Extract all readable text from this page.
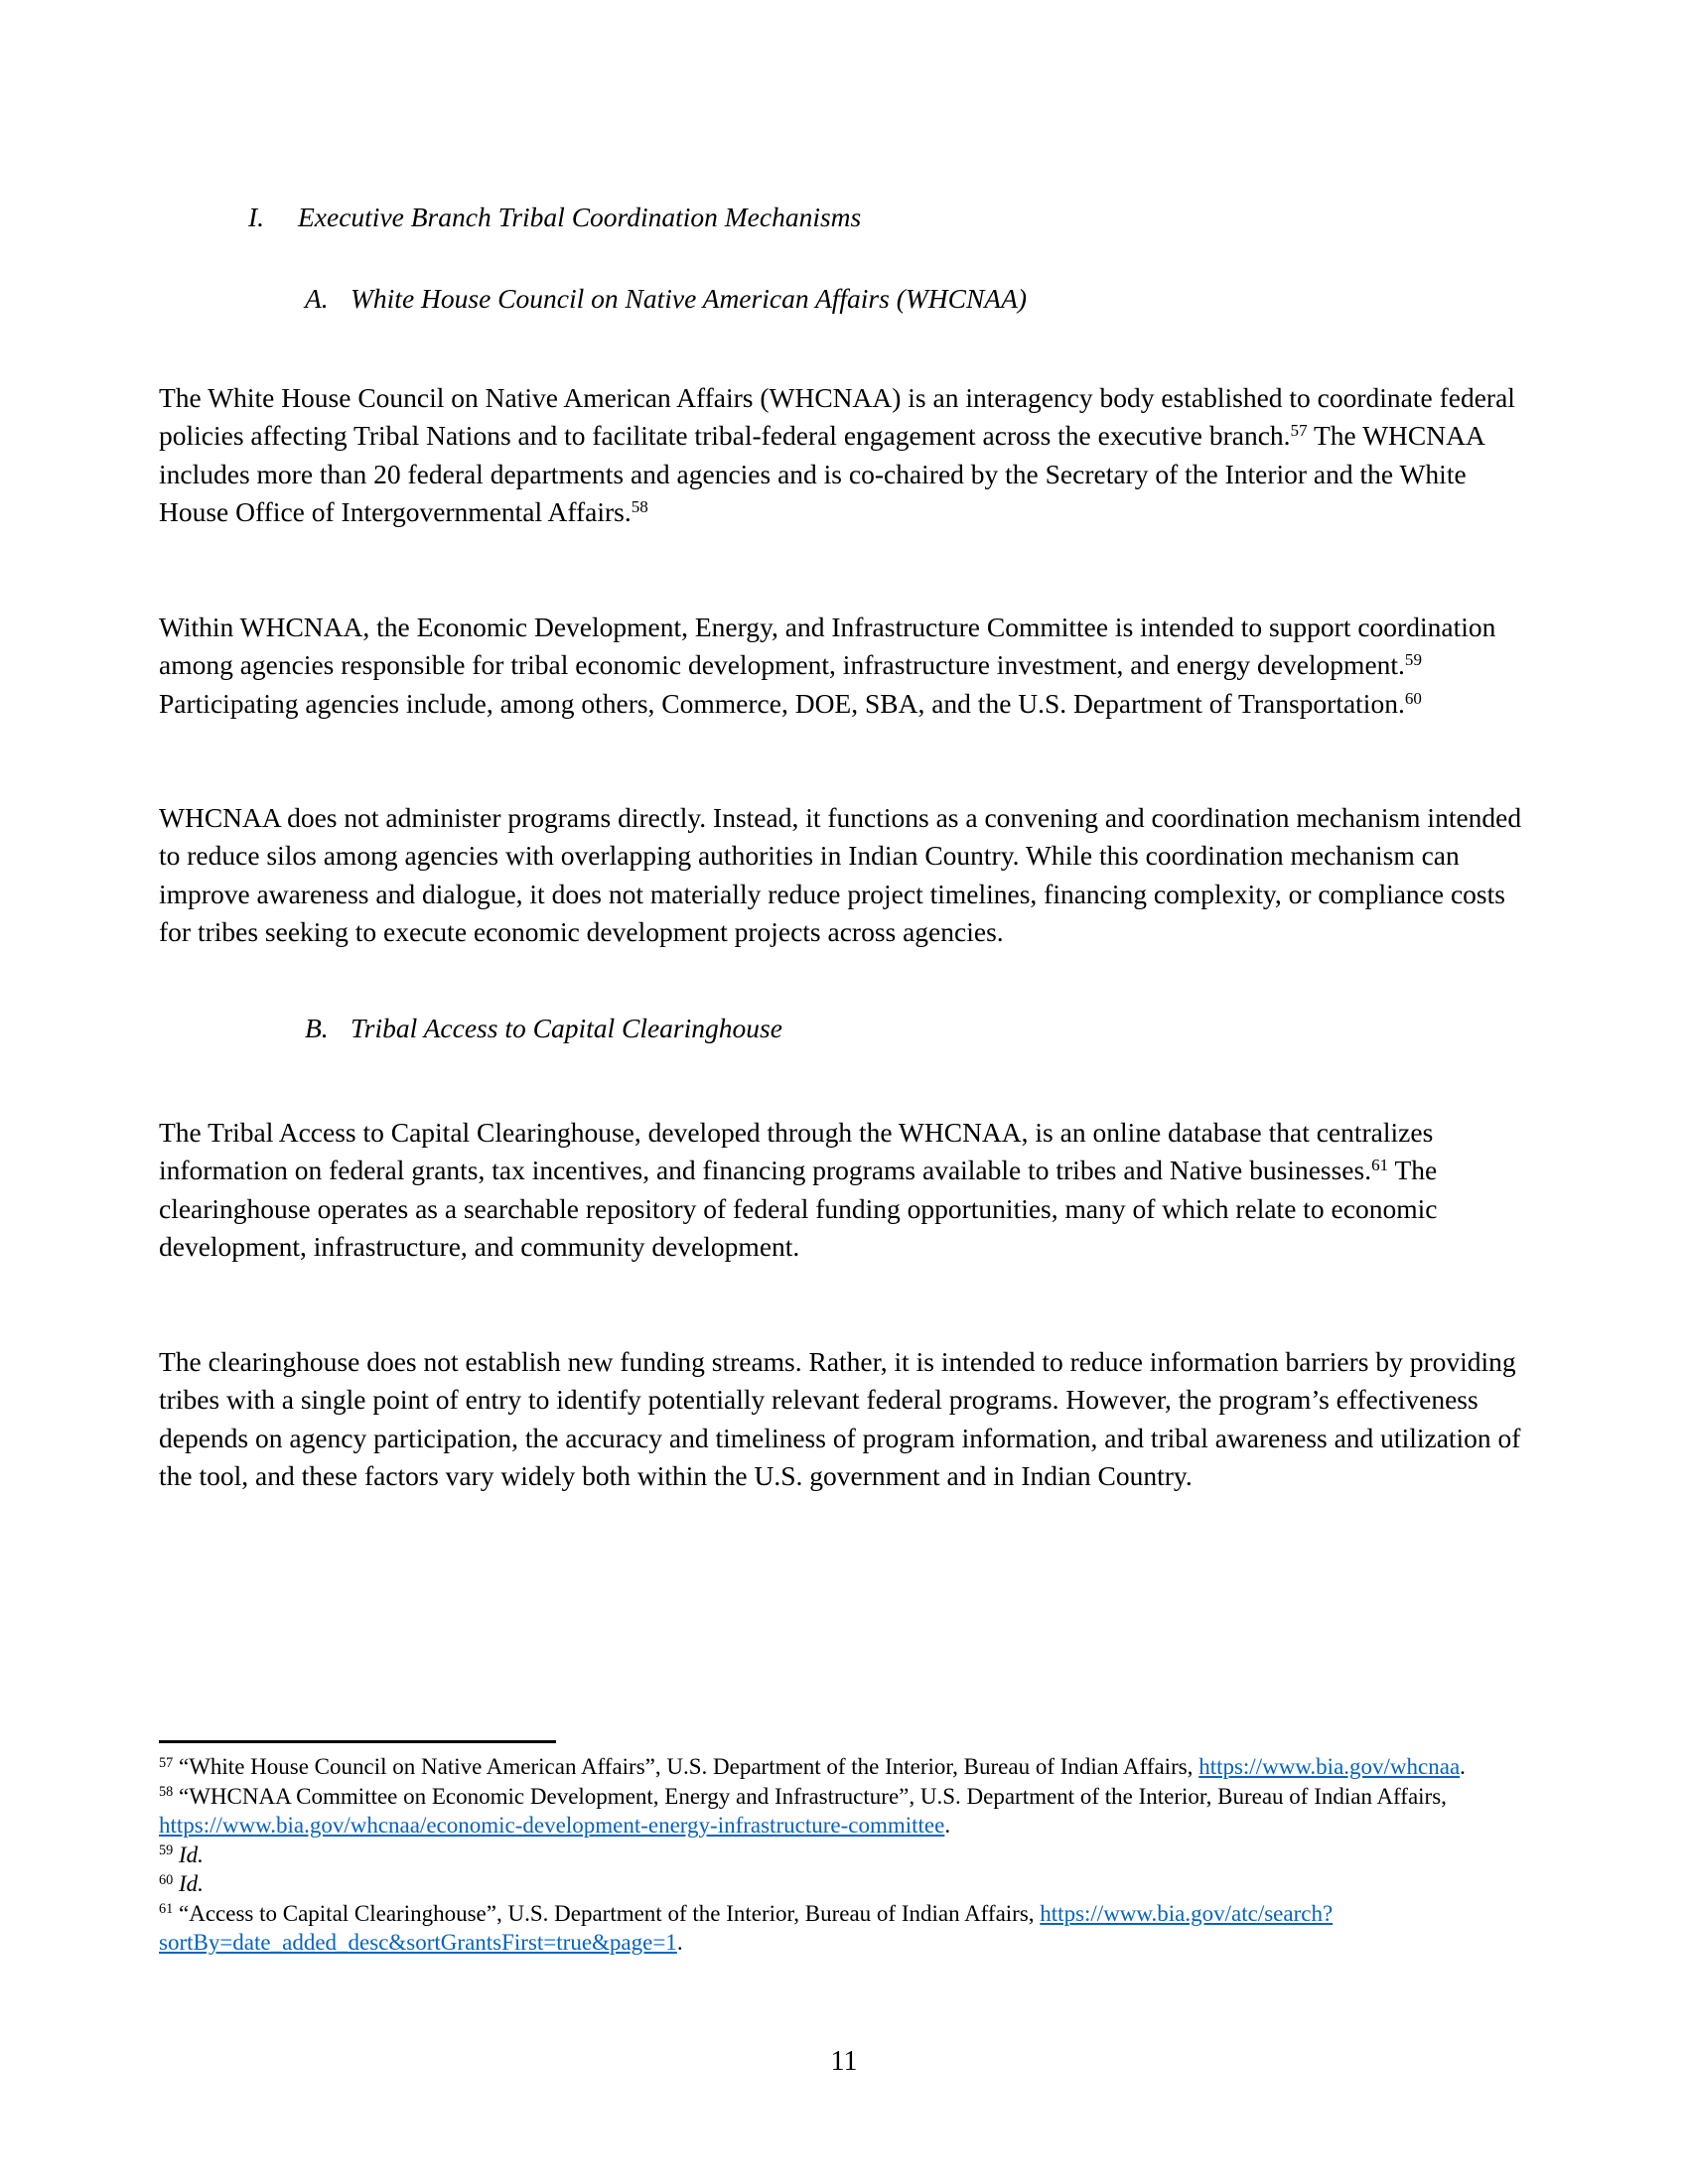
I. Executive Branch Tribal Coordination Mechanisms
A. White House Council on Native American Affairs (WHCNAA)

The White House Council on Native American Affairs (WHCNAA) is an interagency body established to coordinate federal policies affecting Tribal Nations and to facilitate tribal-federal engagement across the executive branch.$^{57}$ The WHCNAA includes more than 20 federal departments and agencies and is co-chaired by the Secretary of the Interior and the White House Office of Intergovernmental Affairs.$^{58}$

Within WHCNAA, the Economic Development, Energy, and Infrastructure Committee is intended to support coordination among agencies responsible for tribal economic development, infrastructure investment, and energy development.$^{59}$ Participating agencies include, among others, Commerce, DOE, SBA, and the U.S. Department of Transportation.$^{60}$

WHCNAA does not administer programs directly. Instead, it functions as a convening and coordination mechanism intended to reduce silos among agencies with overlapping authorities in Indian Country. While this coordination mechanism can improve awareness and dialogue, it does not materially reduce project timelines, financing complexity, or compliance costs for tribes seeking to execute economic development projects across agencies.

B. Tribal Access to Capital Clearinghouse

The Tribal Access to Capital Clearinghouse, developed through the WHCNAA, is an online database that centralizes information on federal grants, tax incentives, and financing programs available to tribes and Native businesses.$^{61}$ The clearinghouse operates as a searchable repository of federal funding opportunities, many of which relate to economic development, infrastructure, and community development.

The clearinghouse does not establish new funding streams. Rather, it is intended to reduce information barriers by providing tribes with a single point of entry to identify potentially relevant federal programs. However, the program’s effectiveness depends on agency participation, the accuracy and timeliness of program information, and tribal awareness and utilization of the tool, and these factors vary widely both within the U.S. government and in Indian Country.

$^{57}$ “White House Council on Native American Affairs”, U.S. Department of the Interior, Bureau of Indian Affairs, https://www.bia.gov/whcnaa.

$^{58}$ “WHCNAA Committee on Economic Development, Energy and Infrastructure”, U.S. Department of the Interior, Bureau of Indian Affairs, https://www.bia.gov/whcnaa/economic-development-energy-infrastructure-committee.

$^{59}$ Id.

$^{60}$ Id.

$^{61}$ “Access to Capital Clearinghouse”, U.S. Department of the Interior, Bureau of Indian Affairs, https://www.bia.gov/atc/search?sortBy=date_added_desc&sortGrantsFirst=true&page=1.

11
